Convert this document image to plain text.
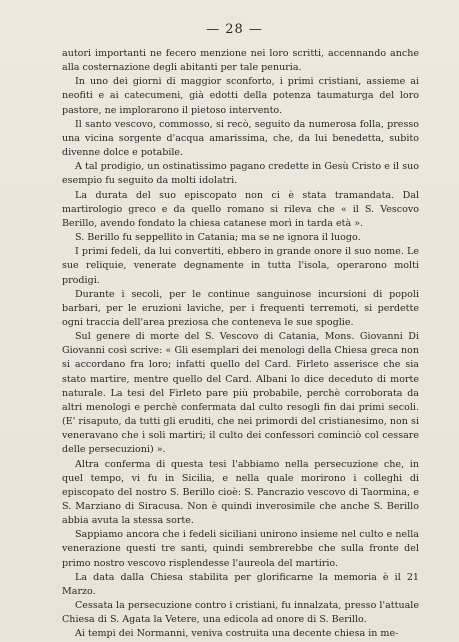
— 28 —

autori importanti ne fecero menzione nei loro scritti, accennando anche alla costernazione degli abitanti per tale penuria.

In uno dei giorni di maggior sconforto, i primi cristiani, assieme ai neofiti e ai catecumeni, già edotti della potenza taumaturga del loro pastore, ne implorarono il pietoso intervento.

Il santo vescovo, commosso, si recò, seguito da numerosa folla, presso una vicina sorgente d'acqua amarissima, che, da lui benedetta, subito divenne dolce e potabile.

A tal prodigio, un ostinatissimo pagano credette in Gesù Cristo e il suo esempio fu seguito da molti idolatri.

La durata del suo episcopato non ci è stata tramandata. Dal martirologio greco e da quello romano si rileva che « il S. Vescovo Berillo, avendo fondato la chiesa catanese morì in tarda età ».

S. Berillo fu seppellito in Catania; ma se ne ignora il luogo.

I primi fedeli, da lui convertiti, ebbero in grande onore il suo nome. Le sue reliquie, venerate degnamente in tutta l'isola, operarono molti prodigi.

Durante i secoli, per le continue sanguinose incursioni di popoli barbari, per le eruzioni laviche, per i frequenti terremoti, si perdette ogni traccia dell'area preziosa che conteneva le sue spoglie.

Sul genere di morte del S. Vescovo di Catania, Mons. Giovanni Di Giovanni così scrive: « Gli esemplari dei menologi della Chiesa greca non si accordano fra loro; infatti quello del Card. Firleto asserisce che sia stato martire, mentre quello del Card. Albani lo dice deceduto di morte naturale. La tesi del Firleto pare più probabile, perchè corroborata da altri menologi e perchè confermata dal culto resogli fin dai primi secoli. (E' risaputo, da tutti gli eruditi, che nei primordi del cristianesimo, non si veneravano che i soli martiri; il culto dei confessori cominciò col cessare delle persecuzioni) ».

Altra conferma di questa tesi l'abbiamo nella persecuzione che, in quel tempo, vi fu in Sicilia, e nella quale morirono i colleghi di episcopato del nostro S. Berillo cioè: S. Pancrazio vescovo di Taormina, e S. Marziano di Siracusa. Non è quindi inverosimile che anche S. Berillo abbia avuta la stessa sorte.

Sappiamo ancora che i fedeli siciliani unirono insieme nel culto e nella venerazione questi tre santi, quindi sembrerebbe che sulla fronte del primo nostro vescovo risplendesse l'aureola del martirio.

La data dalla Chiesa stabilita per glorificarne la memoria è il 21 Marzo.

Cessata la persecuzione contro i cristiani, fu innalzata, presso l'attuale Chiesa di S. Agata la Vetere, una edicola ad onore di S. Berillo.

Ai tempi dei Normanni, veniva costruita una decente chiesa in me-
